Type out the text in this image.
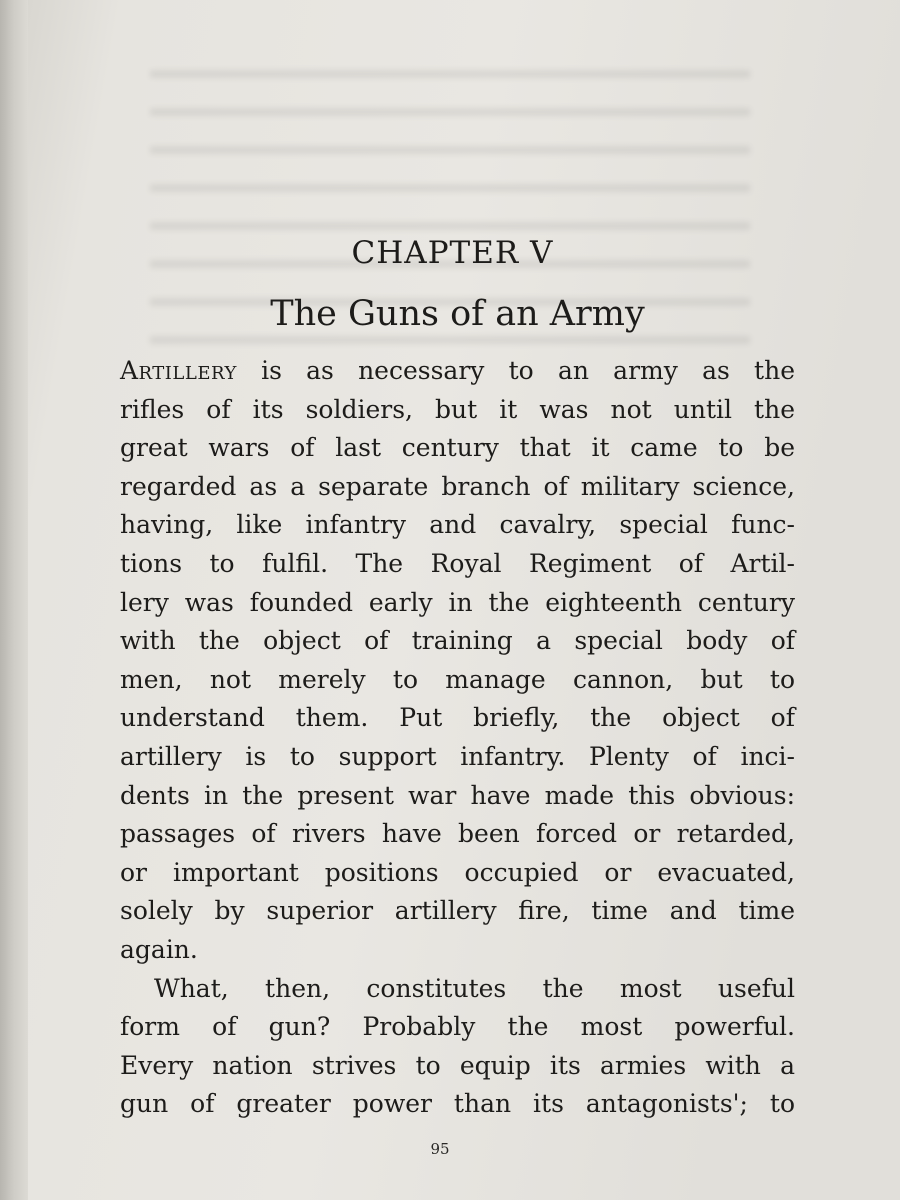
CHAPTER V
The Guns of an Army

Artillery is as necessary to an army as the
rifles of its soldiers, but it was not until the
great wars of last century that it came to be
regarded as a separate branch of military science,
having, like infantry and cavalry, special func-
tions to fulfil. The Royal Regiment of Artil-
lery was founded early in the eighteenth century
with the object of training a special body of
men, not merely to manage cannon, but to
understand them. Put briefly, the object of
artillery is to support infantry. Plenty of inci-
dents in the present war have made this obvious:
passages of rivers have been forced or retarded,
or important positions occupied or evacuated,
solely by superior artillery fire, time and time
again.

What, then, constitutes the most useful
form of gun? Probably the most powerful.
Every nation strives to equip its armies with a
gun of greater power than its antagonists'; to

95
